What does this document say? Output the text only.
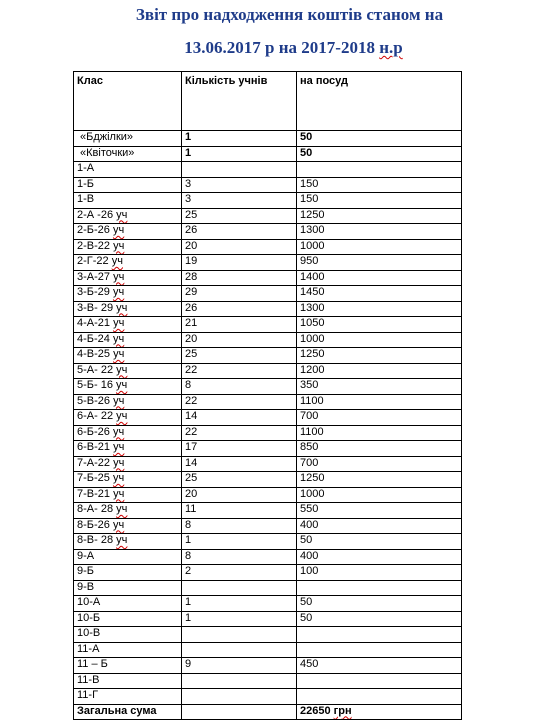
Звіт про надходження коштів станом на
13.06.2017 р на 2017-2018 н.р
Клас	Кількість учнів	на посуд
«Бджілки»	1	50
«Квіточки»	1	50
1-А		
1-Б	3	150
1-В	3	150
2-А -26 уч	25	1250
2-Б-26 уч	26	1300
2-В-22 уч	20	1000
2-Г-22 уч	19	950
3-А-27 уч	28	1400
3-Б-29 уч	29	1450
3-В- 29 уч	26	1300
4-А-21 уч	21	1050
4-Б-24 уч	20	1000
4-В-25 уч	25	1250
5-А- 22 уч	22	1200
5-Б- 16 уч	8	350
5-В-26 уч	22	1100
6-А- 22 уч	14	700
6-Б-26 уч	22	1100
6-В-21 уч	17	850
7-А-22 уч	14	700
7-Б-25 уч	25	1250
7-В-21 уч	20	1000
8-А- 28 уч	11	550
8-Б-26 уч	8	400
8-В- 28 уч	1	50
9-А	8	400
9-Б	2	100
9-В		
10-А	1	50
10-Б	1	50
10-В		
11-А		
11 – Б	9	450
11-В		
11-Г		
Загальна сума		22650 грн
